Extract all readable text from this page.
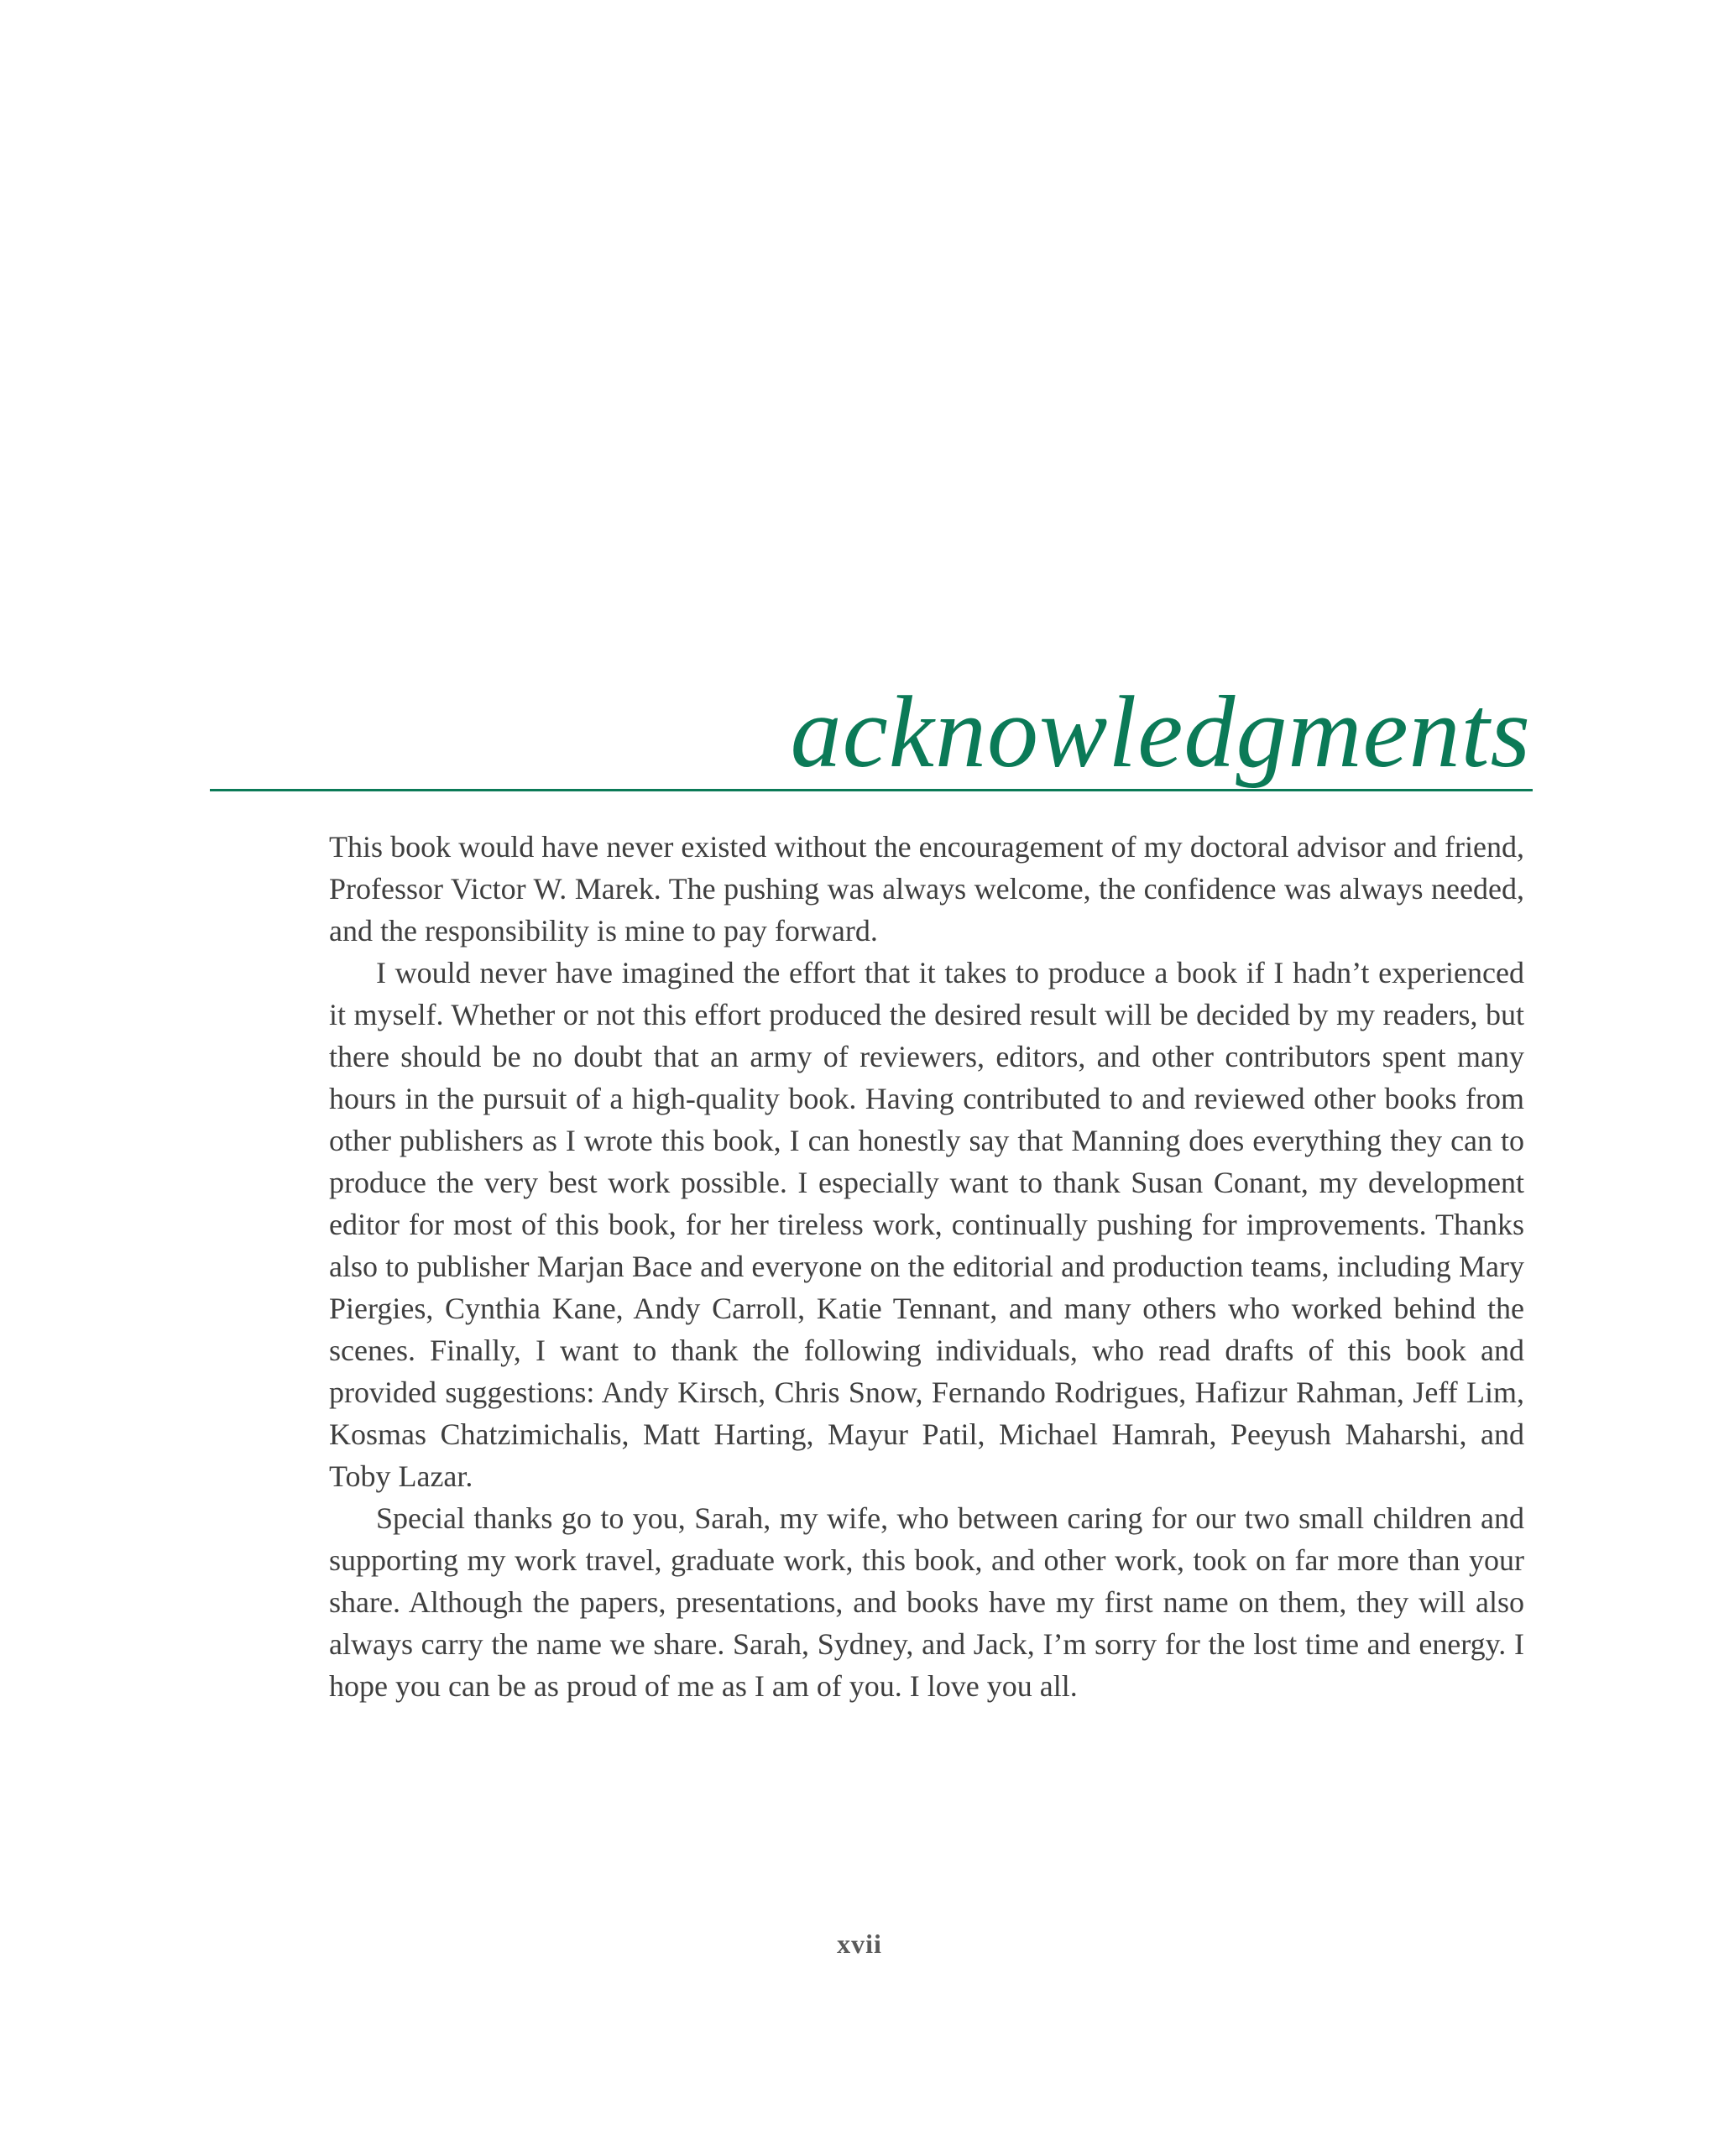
acknowledgments

This book would have never existed without the encouragement of my doctoral advisor and friend, Professor Victor W. Marek. The pushing was always welcome, the confidence was always needed, and the responsibility is mine to pay forward.

I would never have imagined the effort that it takes to produce a book if I hadn’t experienced it myself. Whether or not this effort produced the desired result will be decided by my readers, but there should be no doubt that an army of reviewers, editors, and other contributors spent many hours in the pursuit of a high-quality book. Having contributed to and reviewed other books from other publishers as I wrote this book, I can honestly say that Manning does everything they can to produce the very best work possible. I especially want to thank Susan Conant, my development editor for most of this book, for her tireless work, continually pushing for improvements. Thanks also to publisher Marjan Bace and everyone on the editorial and production teams, including Mary Piergies, Cynthia Kane, Andy Carroll, Katie Tennant, and many others who worked behind the scenes. Finally, I want to thank the following individuals, who read drafts of this book and provided suggestions: Andy Kirsch, Chris Snow, Fernando Rodrigues, Hafizur Rahman, Jeff Lim, Kosmas Chatzimichalis, Matt Harting, Mayur Patil, Michael Hamrah, Peeyush Maharshi, and Toby Lazar.

Special thanks go to you, Sarah, my wife, who between caring for our two small children and supporting my work travel, graduate work, this book, and other work, took on far more than your share. Although the papers, presentations, and books have my first name on them, they will also always carry the name we share. Sarah, Sydney, and Jack, I’m sorry for the lost time and energy. I hope you can be as proud of me as I am of you. I love you all.

xvii
